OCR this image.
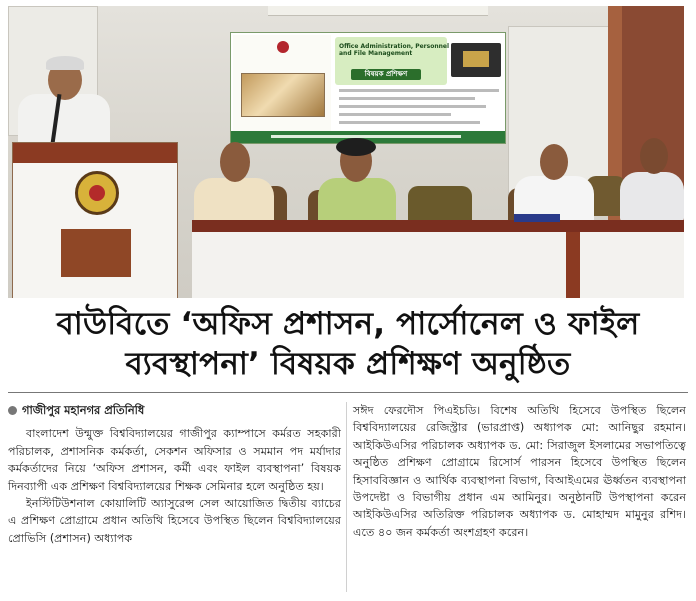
Office Administration, Personnel and File Management
বিষয়ক প্রশিক্ষণ
বাউবিতে ‘অফিস প্রশাসন, পার্সোনেল ও ফাইল
ব্যবস্থাপনা’ বিষয়ক প্রশিক্ষণ অনুষ্ঠিত
গাজীপুর মহানগর প্রতিনিধি

বাংলাদেশ উন্মুক্ত বিশ্ববিদ্যালয়ের গাজীপুর ক্যাম্পাসে কর্মরত সহকারী পরিচালক, প্রশাসনিক কর্মকর্তা, সেকশন অফিসার ও সমমান পদ মর্যাদার কর্মকর্তাদের নিয়ে ‘অফিস প্রশাসন, কর্মী এবং ফাইল ব্যবস্থাপনা’ বিষয়ক দিনব্যাপী এক প্রশিক্ষণ বিশ্ববিদ্যালয়ের শিক্ষক সেমিনার হলে অনুষ্ঠিত হয়।

ইনস্টিটিউশনাল কোয়ালিটি অ্যাসুরেন্স সেল আয়োজিত দ্বিতীয় ব্যাচের এ প্রশিক্ষণ প্রোগ্রামে প্রধান অতিথি হিসেবে উপস্থিত ছিলেন বিশ্ববিদ্যালয়ের প্রোভিসি (প্রশাসন) অধ্যাপক

সঈদ ফেরদৌস পিএইচডি। বিশেষ অতিথি হিসেবে উপস্থিত ছিলেন বিশ্ববিদ্যালয়ের রেজিস্ট্রার (ভারপ্রাপ্ত) অধ্যাপক মো: আনিছুর রহমান। আইকিউএসির পরিচালক অধ্যাপক ড. মো: সিরাজুল ইসলামের সভাপতিত্বে অনুষ্ঠিত প্রশিক্ষণ প্রোগ্রামে রিসোর্স পারসন হিসেবে উপস্থিত ছিলেন হিসাববিজ্ঞান ও আর্থিক ব্যবস্থাপনা বিভাগ, বিআইএমের ঊর্ধ্বতন ব্যবস্থাপনা উপদেষ্টা ও বিভাগীয় প্রধান এম আমিনুর। অনুষ্ঠানটি উপস্থাপনা করেন আইকিউএসির অতিরিক্ত পরিচালক অধ্যাপক ড. মোহাম্মদ মামুনুর রশিদ। এতে ৪০ জন কর্মকর্তা অংশগ্রহণ করেন।
